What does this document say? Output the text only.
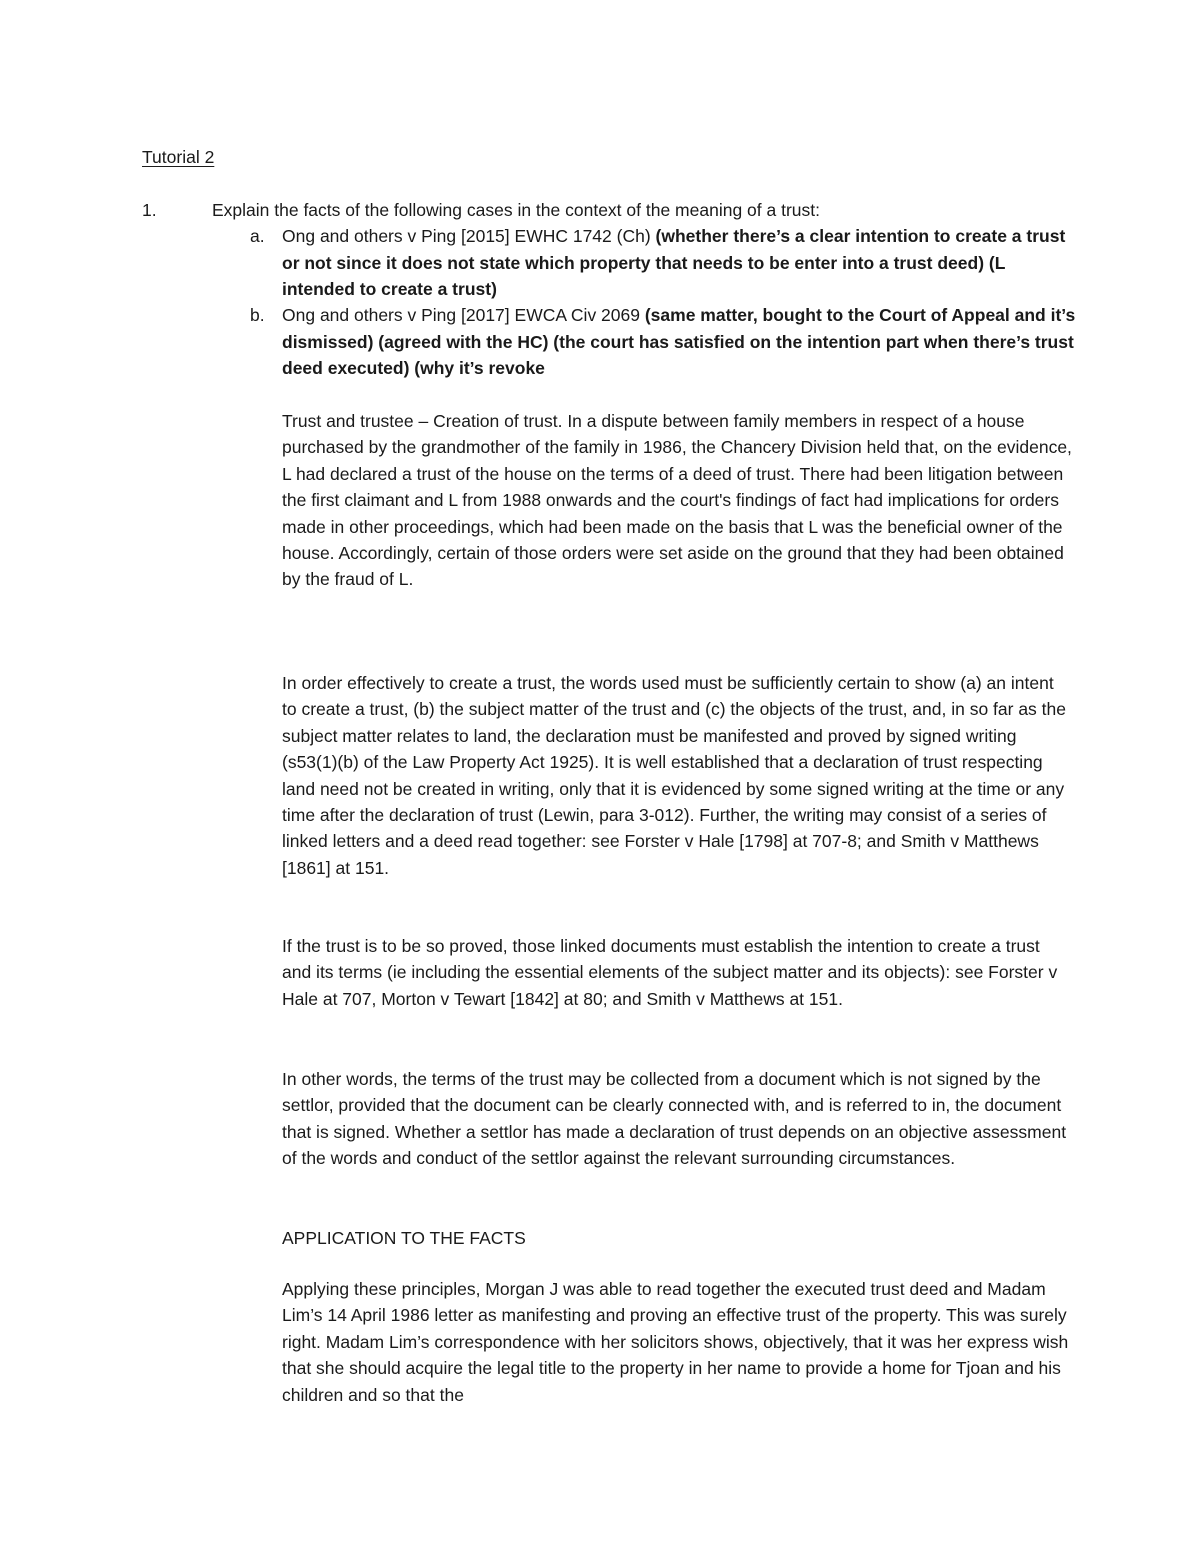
Tutorial 2
1.	Explain the facts of the following cases in the context of the meaning of a trust:
a. Ong and others v Ping [2015] EWHC 1742 (Ch) (whether there’s a clear intention to create a trust or not since it does not state which property that needs to be enter into a trust deed) (L intended to create a trust)
b. Ong and others v Ping [2017] EWCA Civ 2069 (same matter, bought to the Court of Appeal and it’s dismissed) (agreed with the HC) (the court has satisfied on the intention part when there’s trust deed executed) (why it’s revoke

Trust and trustee – Creation of trust. In a dispute between family members in respect of a house purchased by the grandmother of the family in 1986, the Chancery Division held that, on the evidence, L had declared a trust of the house on the terms of a deed of trust. There had been litigation between the first claimant and L from 1988 onwards and the court's findings of fact had implications for orders made in other proceedings, which had been made on the basis that L was the beneficial owner of the house. Accordingly, certain of those orders were set aside on the ground that they had been obtained by the fraud of L.

In order effectively to create a trust, the words used must be sufficiently certain to show (a) an intent to create a trust, (b) the subject matter of the trust and (c) the objects of the trust, and, in so far as the subject matter relates to land, the declaration must be manifested and proved by signed writing (s53(1)(b) of the Law Property Act 1925). It is well established that a declaration of trust respecting land need not be created in writing, only that it is evidenced by some signed writing at the time or any time after the declaration of trust (Lewin, para 3-012). Further, the writing may consist of a series of linked letters and a deed read together: see Forster v Hale [1798] at 707-8; and Smith v Matthews [1861] at 151.

If the trust is to be so proved, those linked documents must establish the intention to create a trust and its terms (ie including the essential elements of the subject matter and its objects): see Forster v Hale at 707, Morton v Tewart [1842] at 80; and Smith v Matthews at 151.

In other words, the terms of the trust may be collected from a document which is not signed by the settlor, provided that the document can be clearly connected with, and is referred to in, the document that is signed. Whether a settlor has made a declaration of trust depends on an objective assessment of the words and conduct of the settlor against the relevant surrounding circumstances.

APPLICATION TO THE FACTS

Applying these principles, Morgan J was able to read together the executed trust deed and Madam Lim’s 14 April 1986 letter as manifesting and proving an effective trust of the property. This was surely right. Madam Lim’s correspondence with her solicitors shows, objectively, that it was her express wish that she should acquire the legal title to the property in her name to provide a home for Tjoan and his children and so that the
